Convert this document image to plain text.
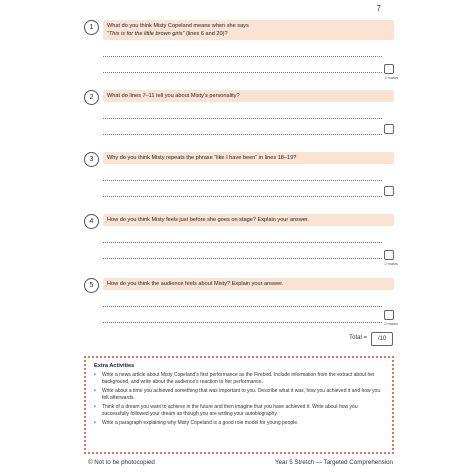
7
1	What do you think Misty Copeland means when she says
“This is for the little brown girls” (lines 6 and 20)?
2 marks
2	What do lines 7–11 tell you about Misty’s personality?
3	Why do you think Misty repeats the phrase “like I have been” in lines 18–19?
4	How do you think Misty feels just before she goes on stage? Explain your answer.
2 marks
5	How do you think the audience feels about Misty? Explain your answer.
2 marks
Total =	/10
Extra Activities
• Write a news article about Misty Copeland’s first performance as the Firebird. Include information from the extract about her background, and write about the audience’s reaction to her performance.
• Write about a time you achieved something that was important to you. Describe what it was, how you achieved it and how you felt afterwards.
• Think of a dream you want to achieve in the future and then imagine that you have achieved it. Write about how you successfully followed your dream as though you are writing your autobiography.
• Write a paragraph explaining why Misty Copeland is a good role model for young people.
© Not to be photocopied	Year 5 Stretch — Targeted Comprehension
